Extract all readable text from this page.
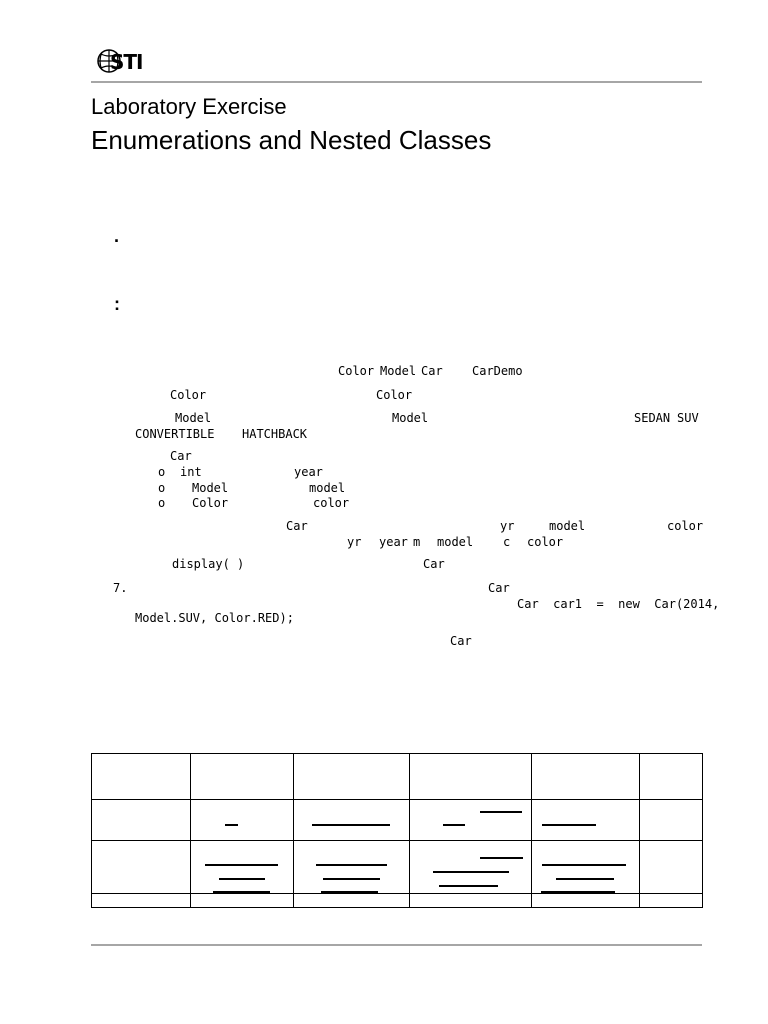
STI
Laboratory Exercise
Enumerations and Nested Classes
.
:
Color Model Car CarDemo
Color	Color
Model	Model	SEDAN SUV
CONVERTIBLE HATCHBACK
Car
o int	year
o Model	model
o Color	color
Car	yr	model	color
yr year m model c color
display( )	Car
7.	Car
Car  car1  =  new  Car(2014,
Model.SUV, Color.RED);
Car
